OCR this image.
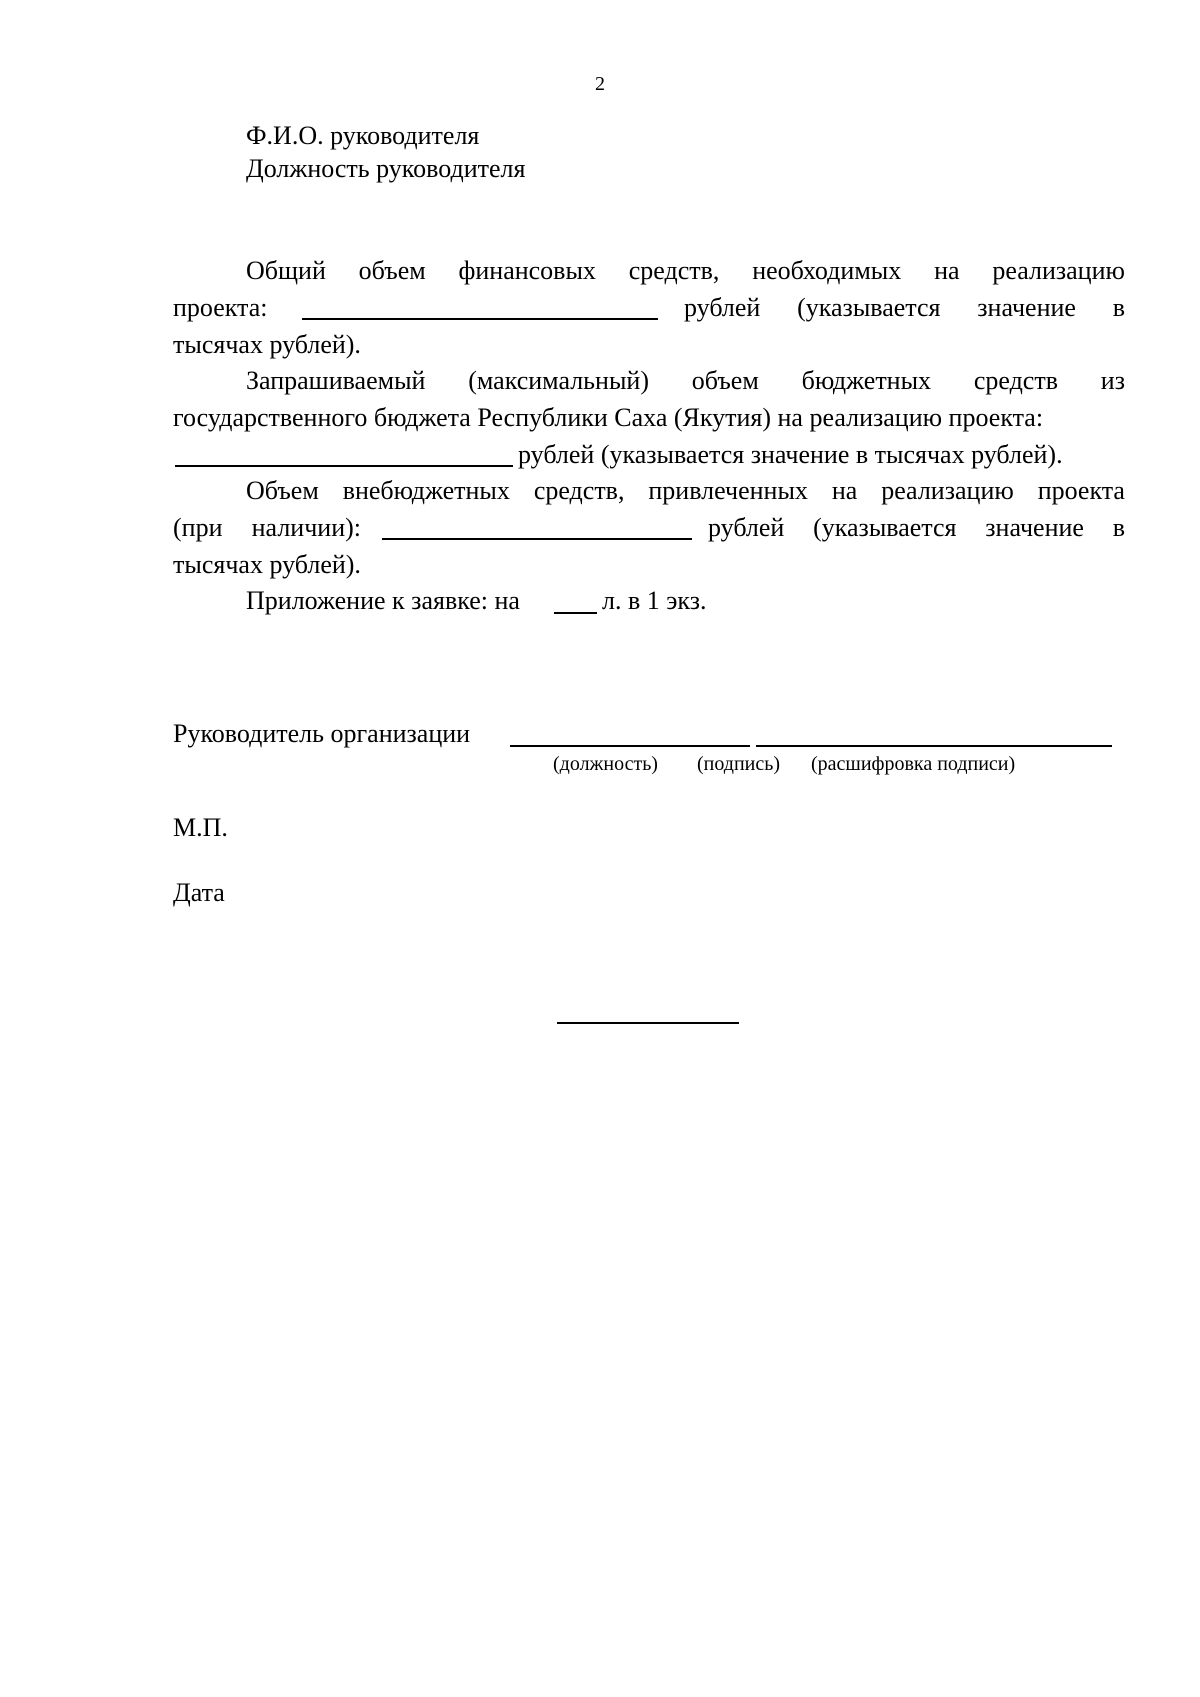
2
Ф.И.О. руководителя
Должность руководителя
Общий объем финансовых средств, необходимых на реализацию
проекта:	рублей (указывается значение в
тысячах рублей).
Запрашиваемый (максимальный) объем бюджетных средств из
государственного бюджета Республики Саха (Якутия) на реализацию проекта:
рублей (указывается значение в тысячах рублей).
Объем внебюджетных средств, привлеченных на реализацию проекта
(при наличии):	рублей (указывается значение в
тысячах рублей).
Приложение к заявке: на	л. в 1 экз.
Руководитель организации
(должность) (подпись) (расшифровка подписи)
М.П.
Дата
